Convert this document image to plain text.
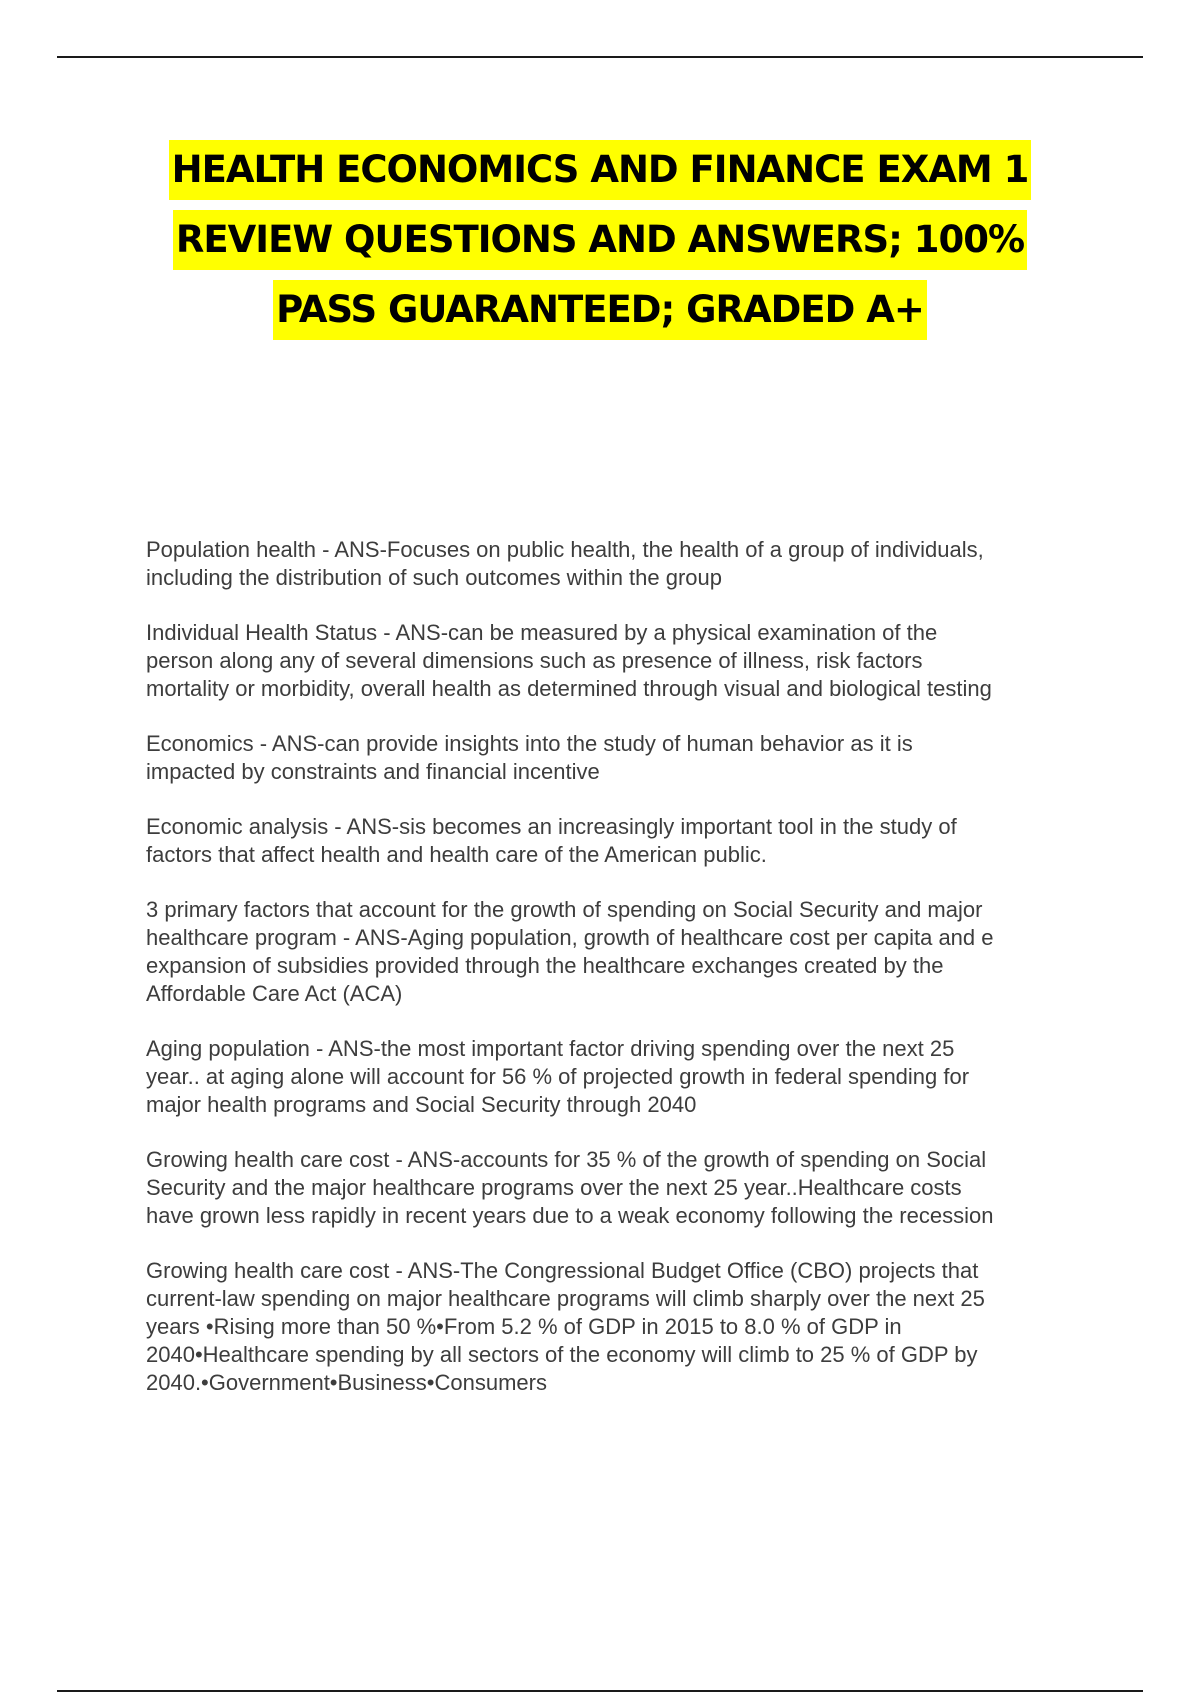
HEALTH ECONOMICS AND FINANCE EXAM 1
REVIEW QUESTIONS AND ANSWERS; 100%
PASS GUARANTEED; GRADED A+
Population health - ANS-Focuses on public health, the health of a group of individuals,
including the distribution of such outcomes within the group
Individual Health Status - ANS-can be measured by a physical examination of the
person along any of several dimensions such as presence of illness, risk factors
mortality or morbidity, overall health as determined through visual and biological testing
Economics - ANS-can provide insights into the study of human behavior as it is
impacted by constraints and financial incentive
Economic analysis - ANS-sis becomes an increasingly important tool in the study of
factors that affect health and health care of the American public.
3 primary factors that account for the growth of spending on Social Security and major
healthcare program - ANS-Aging population, growth of healthcare cost per capita and e
expansion of subsidies provided through the healthcare exchanges created by the
Affordable Care Act (ACA)
Aging population - ANS-the most important factor driving spending over the next 25
year.. at aging alone will account for 56 % of projected growth in federal spending for
major health programs and Social Security through 2040
Growing health care cost - ANS-accounts for 35 % of the growth of spending on Social
Security and the major healthcare programs over the next 25 year..Healthcare costs
have grown less rapidly in recent years due to a weak economy following the recession
Growing health care cost - ANS-The Congressional Budget Office (CBO) projects that
current-law spending on major healthcare programs will climb sharply over the next 25
years •Rising more than 50 %•From 5.2 % of GDP in 2015 to 8.0 % of GDP in
2040•Healthcare spending by all sectors of the economy will climb to 25 % of GDP by
2040.•Government•Business•Consumers
